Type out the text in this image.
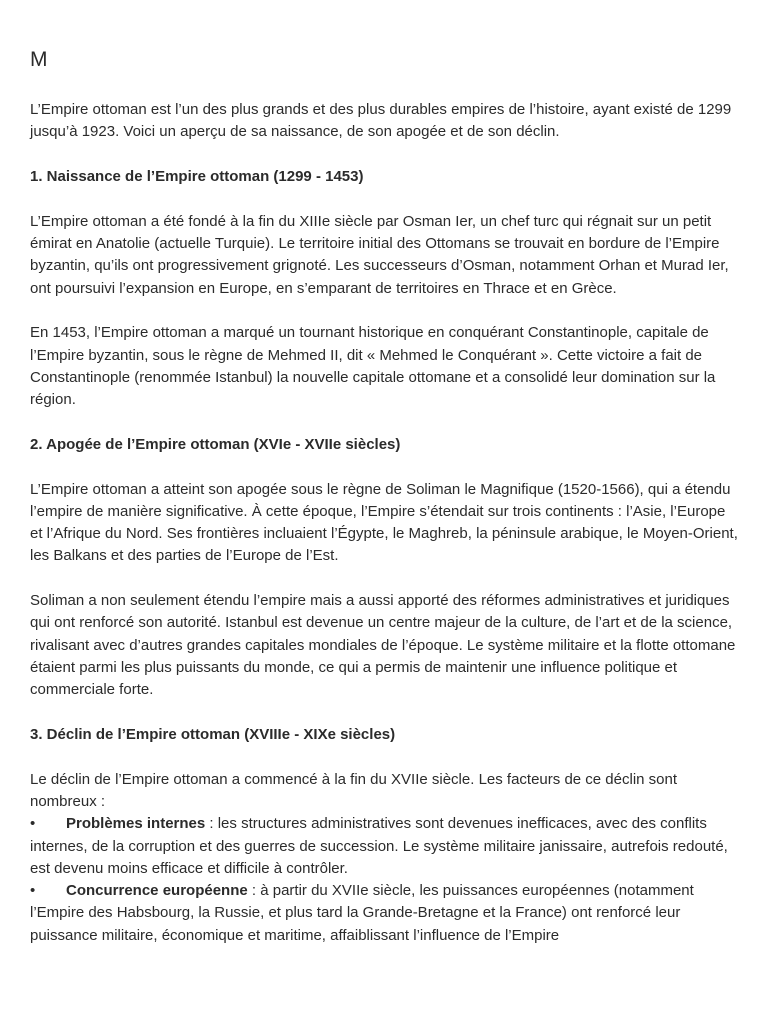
M

L’Empire ottoman est l’un des plus grands et des plus durables empires de l’histoire, ayant existé de 1299 jusqu’à 1923. Voici un aperçu de sa naissance, de son apogée et de son déclin.

1. Naissance de l’Empire ottoman (1299 - 1453)

L’Empire ottoman a été fondé à la fin du XIIIe siècle par Osman Ier, un chef turc qui régnait sur un petit émirat en Anatolie (actuelle Turquie). Le territoire initial des Ottomans se trouvait en bordure de l’Empire byzantin, qu’ils ont progressivement grignoté. Les successeurs d’Osman, notamment Orhan et Murad Ier, ont poursuivi l’expansion en Europe, en s’emparant de territoires en Thrace et en Grèce.

En 1453, l’Empire ottoman a marqué un tournant historique en conquérant Constantinople, capitale de l’Empire byzantin, sous le règne de Mehmed II, dit « Mehmed le Conquérant ». Cette victoire a fait de Constantinople (renommée Istanbul) la nouvelle capitale ottomane et a consolidé leur domination sur la région.

2. Apogée de l’Empire ottoman (XVIe - XVIIe siècles)

L’Empire ottoman a atteint son apogée sous le règne de Soliman le Magnifique (1520-1566), qui a étendu l’empire de manière significative. À cette époque, l’Empire s’étendait sur trois continents : l’Asie, l’Europe et l’Afrique du Nord. Ses frontières incluaient l’Égypte, le Maghreb, la péninsule arabique, le Moyen-Orient, les Balkans et des parties de l’Europe de l’Est.

Soliman a non seulement étendu l’empire mais a aussi apporté des réformes administratives et juridiques qui ont renforcé son autorité. Istanbul est devenue un centre majeur de la culture, de l’art et de la science, rivalisant avec d’autres grandes capitales mondiales de l’époque. Le système militaire et la flotte ottomane étaient parmi les plus puissants du monde, ce qui a permis de maintenir une influence politique et commerciale forte.

3. Déclin de l’Empire ottoman (XVIIIe - XIXe siècles)

Le déclin de l’Empire ottoman a commencé à la fin du XVIIe siècle. Les facteurs de ce déclin sont nombreux :

• Problèmes internes : les structures administratives sont devenues inefficaces, avec des conflits internes, de la corruption et des guerres de succession. Le système militaire janissaire, autrefois redouté, est devenu moins efficace et difficile à contrôler.
• Concurrence européenne : à partir du XVIIe siècle, les puissances européennes (notamment l’Empire des Habsbourg, la Russie, et plus tard la Grande-Bretagne et la France) ont renforcé leur puissance militaire, économique et maritime, affaiblissant l’influence de l’Empire
